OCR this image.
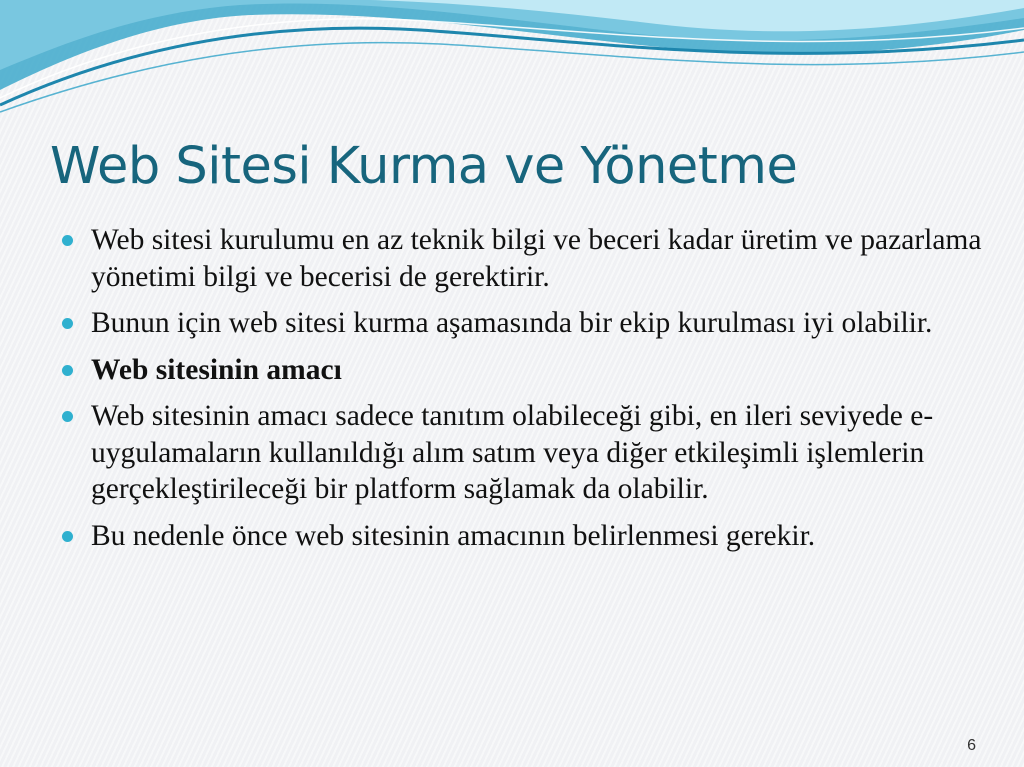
Web Sitesi Kurma ve Yönetme
Web sitesi kurulumu en az teknik bilgi ve beceri kadar üretim ve pazarlama yönetimi bilgi ve becerisi de gerektirir.
Bunun için web sitesi kurma aşamasında bir ekip kurulması iyi olabilir.
Web sitesinin amacı
Web sitesinin amacı sadece tanıtım olabileceği gibi, en ileri seviyede e-uygulamaların kullanıldığı alım satım veya diğer etkileşimli işlemlerin gerçekleştirileceği bir platform sağlamak da olabilir.
Bu nedenle önce web sitesinin amacının belirlenmesi gerekir.
6
